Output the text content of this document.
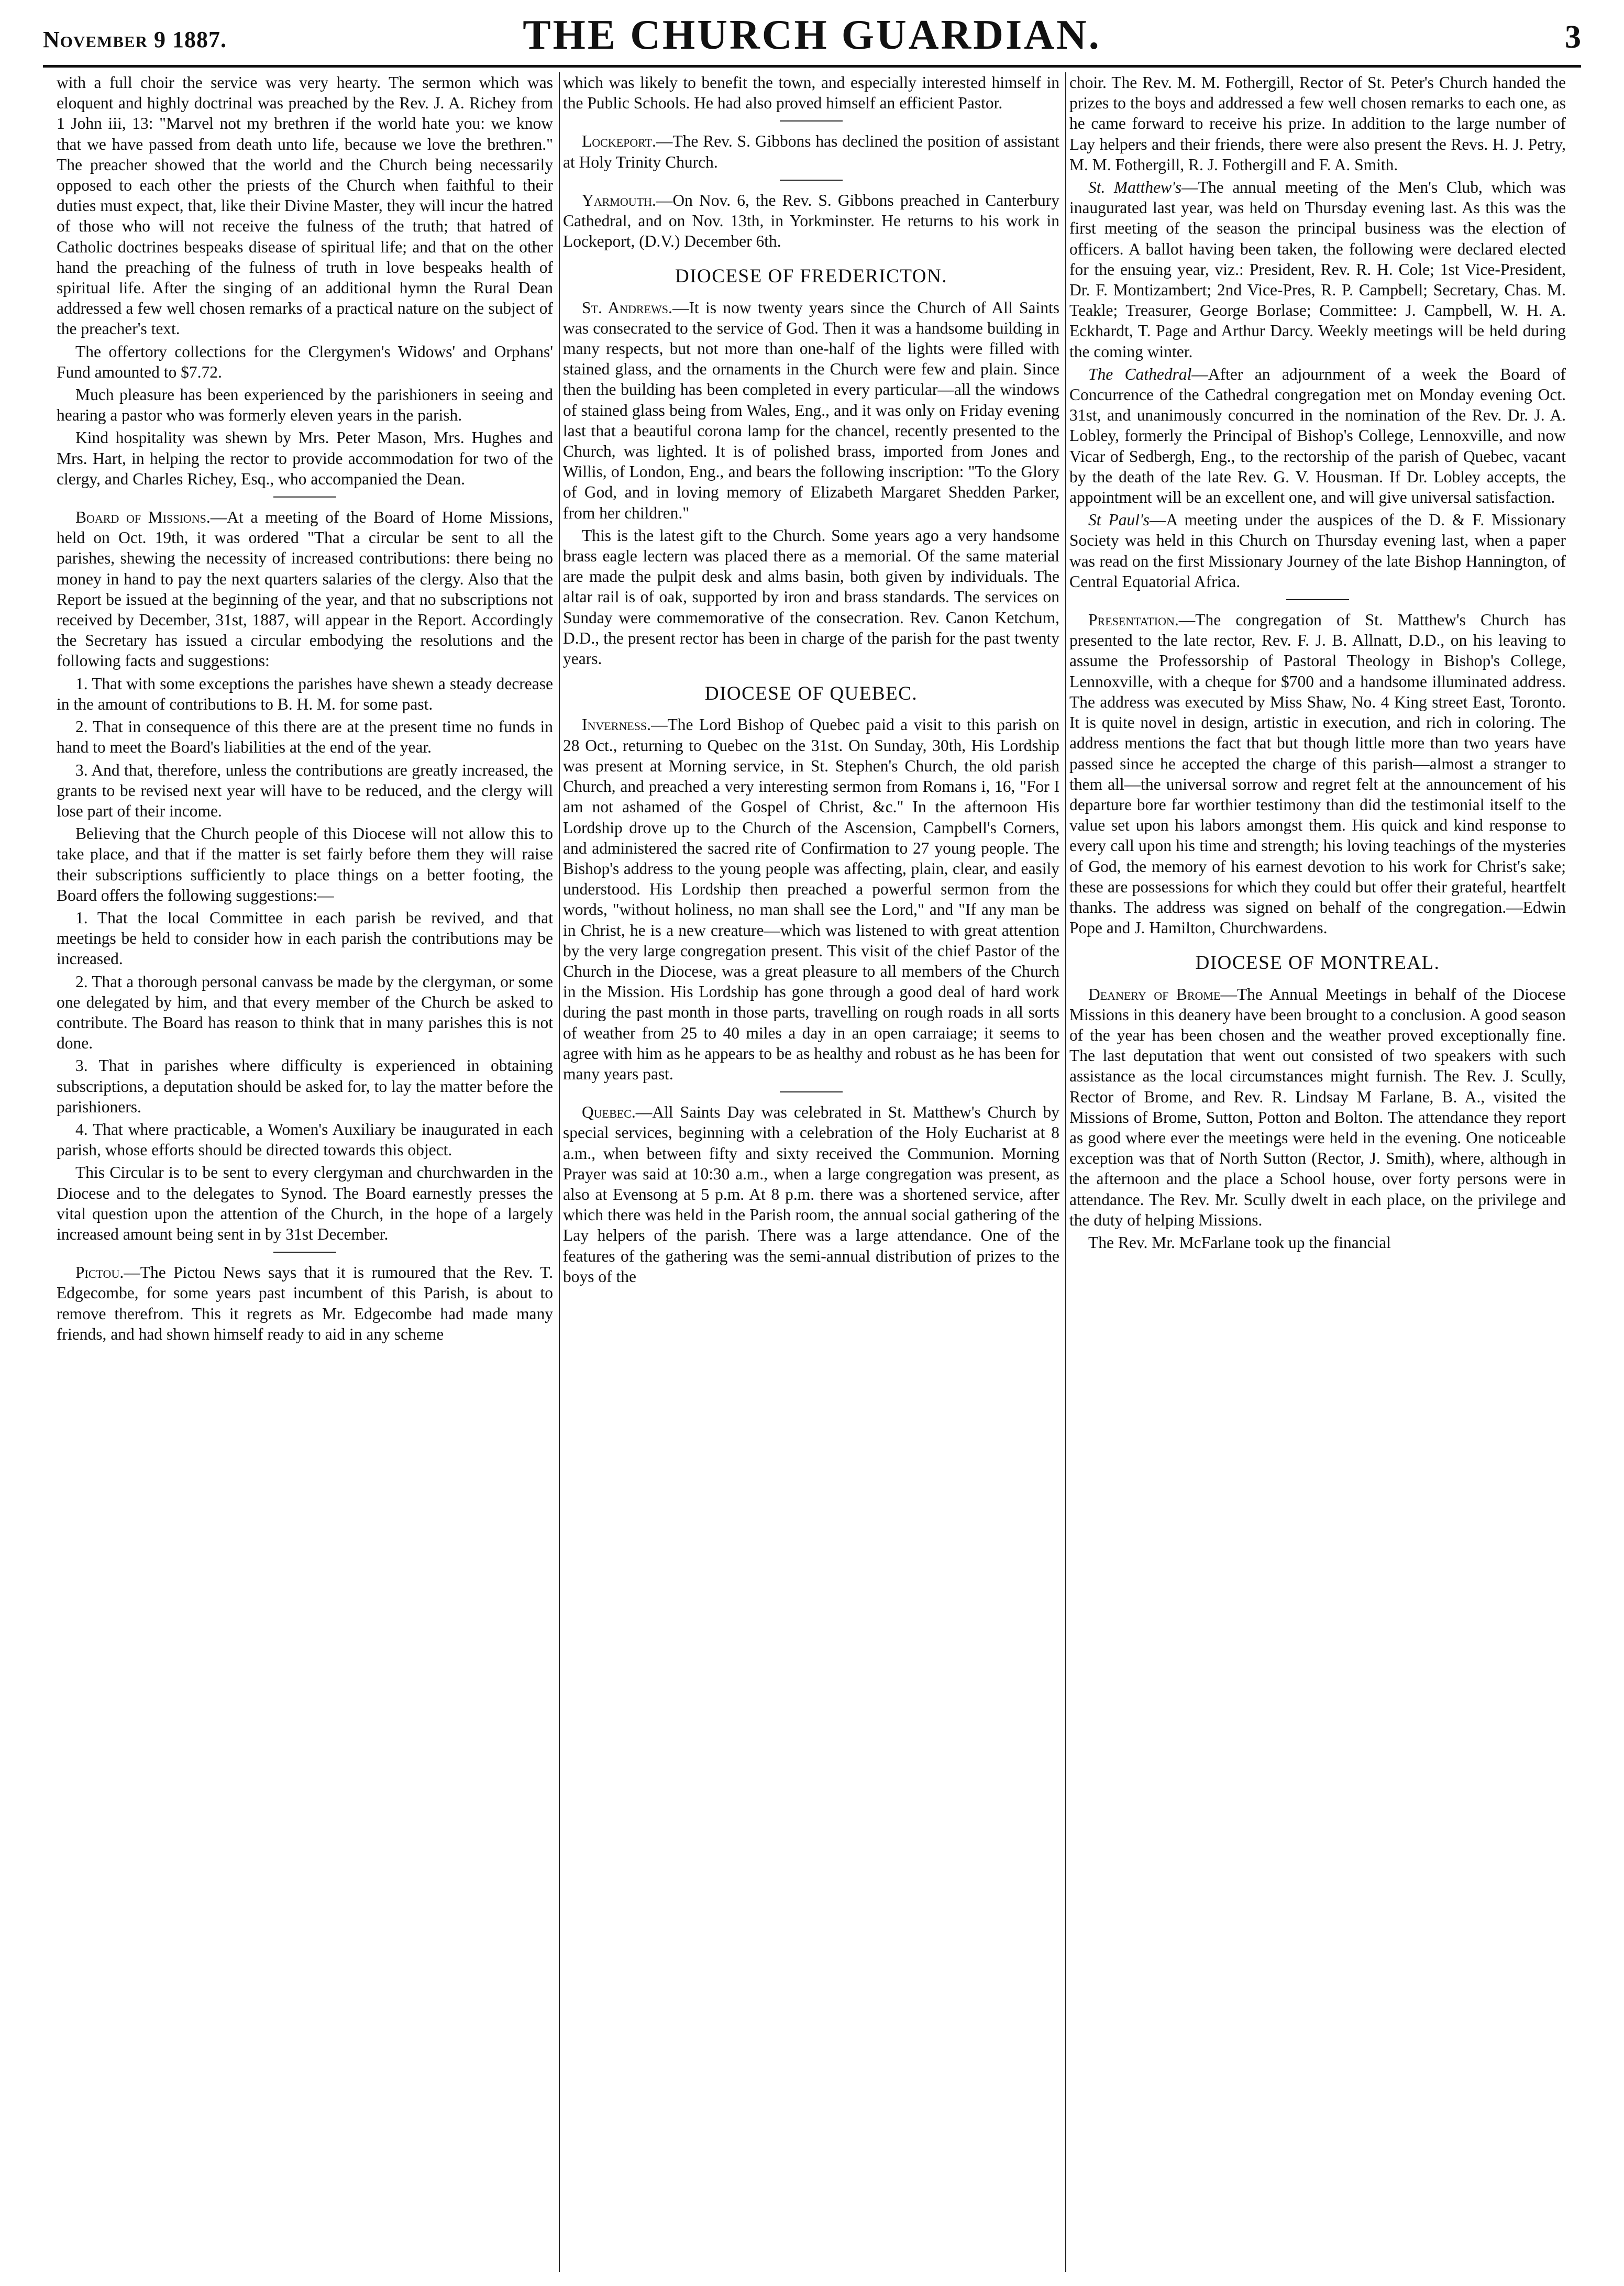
November 9 1887.	THE CHURCH GUARDIAN.	3

with a full choir the service was very hearty. The sermon which was eloquent and highly doctrinal was preached by the Rev. J. A. Richey from 1 John iii, 13: "Marvel not my brethren if the world hate you: we know that we have passed from death unto life, because we love the brethren." The preacher showed that the world and the Church being necessarily opposed to each other the priests of the Church when faithful to their duties must expect, that, like their Divine Master, they will incur the hatred of those who will not receive the fulness of the truth; that hatred of Catholic doctrines bespeaks disease of spiritual life; and that on the other hand the preaching of the fulness of truth in love bespeaks health of spiritual life. After the singing of an additional hymn the Rural Dean addressed a few well chosen remarks of a practical nature on the subject of the preacher's text.

The offertory collections for the Clergymen's Widows' and Orphans' Fund amounted to $7.72.

Much pleasure has been experienced by the parishioners in seeing and hearing a pastor who was formerly eleven years in the parish.

Kind hospitality was shewn by Mrs. Peter Mason, Mrs. Hughes and Mrs. Hart, in helping the rector to provide accommodation for two of the clergy, and Charles Richey, Esq., who accompanied the Dean.

Board of Missions.—At a meeting of the Board of Home Missions, held on Oct. 19th, it was ordered "That a circular be sent to all the parishes, shewing the necessity of increased contributions: there being no money in hand to pay the next quarters salaries of the clergy. Also that the Report be issued at the beginning of the year, and that no subscriptions not received by December, 31st, 1887, will appear in the Report. Accordingly the Secretary has issued a circular embodying the resolutions and the following facts and suggestions:

1. That with some exceptions the parishes have shewn a steady decrease in the amount of contributions to B. H. M. for some past.

2. That in consequence of this there are at the present time no funds in hand to meet the Board's liabilities at the end of the year.

3. And that, therefore, unless the contributions are greatly increased, the grants to be revised next year will have to be reduced, and the clergy will lose part of their income.

Believing that the Church people of this Diocese will not allow this to take place, and that if the matter is set fairly before them they will raise their subscriptions sufficiently to place things on a better footing, the Board offers the following suggestions:—

1. That the local Committee in each parish be revived, and that meetings be held to consider how in each parish the contributions may be increased.

2. That a thorough personal canvass be made by the clergyman, or some one delegated by him, and that every member of the Church be asked to contribute. The Board has reason to think that in many parishes this is not done.

3. That in parishes where difficulty is experienced in obtaining subscriptions, a deputation should be asked for, to lay the matter before the parishioners.

4. That where practicable, a Women's Auxiliary be inaugurated in each parish, whose efforts should be directed towards this object.

This Circular is to be sent to every clergyman and churchwarden in the Diocese and to the delegates to Synod. The Board earnestly presses the vital question upon the attention of the Church, in the hope of a largely increased amount being sent in by 31st December.

Pictou.—The Pictou News says that it is rumoured that the Rev. T. Edgecombe, for some years past incumbent of this Parish, is about to remove therefrom. This it regrets as Mr. Edgecombe had made many friends, and had shown himself ready to aid in any scheme

which was likely to benefit the town, and especially interested himself in the Public Schools. He had also proved himself an efficient Pastor.

Lockeport.—The Rev. S. Gibbons has declined the position of assistant at Holy Trinity Church.

Yarmouth.—On Nov. 6, the Rev. S. Gibbons preached in Canterbury Cathedral, and on Nov. 13th, in Yorkminster. He returns to his work in Lockeport, (D.V.) December 6th.

DIOCESE OF FREDERICTON.

St. Andrews.—It is now twenty years since the Church of All Saints was consecrated to the service of God. Then it was a handsome building in many respects, but not more than one-half of the lights were filled with stained glass, and the ornaments in the Church were few and plain. Since then the building has been completed in every particular—all the windows of stained glass being from Wales, Eng., and it was only on Friday evening last that a beautiful corona lamp for the chancel, recently presented to the Church, was lighted. It is of polished brass, imported from Jones and Willis, of London, Eng., and bears the following inscription: "To the Glory of God, and in loving memory of Elizabeth Margaret Shedden Parker, from her children."

This is the latest gift to the Church. Some years ago a very handsome brass eagle lectern was placed there as a memorial. Of the same material are made the pulpit desk and alms basin, both given by individuals. The altar rail is of oak, supported by iron and brass standards. The services on Sunday were commemorative of the consecration. Rev. Canon Ketchum, D.D., the present rector has been in charge of the parish for the past twenty years.

DIOCESE OF QUEBEC.

Inverness.—The Lord Bishop of Quebec paid a visit to this parish on 28 Oct., returning to Quebec on the 31st. On Sunday, 30th, His Lordship was present at Morning service, in St. Stephen's Church, the old parish Church, and preached a very interesting sermon from Romans i, 16, "For I am not ashamed of the Gospel of Christ, &c." In the afternoon His Lordship drove up to the Church of the Ascension, Campbell's Corners, and administered the sacred rite of Confirmation to 27 young people. The Bishop's address to the young people was affecting, plain, clear, and easily understood. His Lordship then preached a powerful sermon from the words, "without holiness, no man shall see the Lord," and "If any man be in Christ, he is a new creature—which was listened to with great attention by the very large congregation present. This visit of the chief Pastor of the Church in the Diocese, was a great pleasure to all members of the Church in the Mission. His Lordship has gone through a good deal of hard work during the past month in those parts, travelling on rough roads in all sorts of weather from 25 to 40 miles a day in an open carraiage; it seems to agree with him as he appears to be as healthy and robust as he has been for many years past.

Quebec.—All Saints Day was celebrated in St. Matthew's Church by special services, beginning with a celebration of the Holy Eucharist at 8 a.m., when between fifty and sixty received the Communion. Morning Prayer was said at 10:30 a.m., when a large congregation was present, as also at Evensong at 5 p.m. At 8 p.m. there was a shortened service, after which there was held in the Parish room, the annual social gathering of the Lay helpers of the parish. There was a large attendance. One of the features of the gathering was the semi-annual distribution of prizes to the boys of the

choir. The Rev. M. M. Fothergill, Rector of St. Peter's Church handed the prizes to the boys and addressed a few well chosen remarks to each one, as he came forward to receive his prize. In addition to the large number of Lay helpers and their friends, there were also present the Revs. H. J. Petry, M. M. Fothergill, R. J. Fothergill and F. A. Smith.

St. Matthew's—The annual meeting of the Men's Club, which was inaugurated last year, was held on Thursday evening last. As this was the first meeting of the season the principal business was the election of officers. A ballot having been taken, the following were declared elected for the ensuing year, viz.: President, Rev. R. H. Cole; 1st Vice-President, Dr. F. Montizambert; 2nd Vice-Pres, R. P. Campbell; Secretary, Chas. M. Teakle; Treasurer, George Borlase; Committee: J. Campbell, W. H. A. Eckhardt, T. Page and Arthur Darcy. Weekly meetings will be held during the coming winter.

The Cathedral—After an adjournment of a week the Board of Concurrence of the Cathedral congregation met on Monday evening Oct. 31st, and unanimously concurred in the nomination of the Rev. Dr. J. A. Lobley, formerly the Principal of Bishop's College, Lennoxville, and now Vicar of Sedbergh, Eng., to the rectorship of the parish of Quebec, vacant by the death of the late Rev. G. V. Housman. If Dr. Lobley accepts, the appointment will be an excellent one, and will give universal satisfaction.

St Paul's—A meeting under the auspices of the D. & F. Missionary Society was held in this Church on Thursday evening last, when a paper was read on the first Missionary Journey of the late Bishop Hannington, of Central Equatorial Africa.

Presentation.—The congregation of St. Matthew's Church has presented to the late rector, Rev. F. J. B. Allnatt, D.D., on his leaving to assume the Professorship of Pastoral Theology in Bishop's College, Lennoxville, with a cheque for $700 and a handsome illuminated address. The address was executed by Miss Shaw, No. 4 King street East, Toronto. It is quite novel in design, artistic in execution, and rich in coloring. The address mentions the fact that but though little more than two years have passed since he accepted the charge of this parish—almost a stranger to them all—the universal sorrow and regret felt at the announcement of his departure bore far worthier testimony than did the testimonial itself to the value set upon his labors amongst them. His quick and kind response to every call upon his time and strength; his loving teachings of the mysteries of God, the memory of his earnest devotion to his work for Christ's sake; these are possessions for which they could but offer their grateful, heartfelt thanks. The address was signed on behalf of the congregation.—Edwin Pope and J. Hamilton, Churchwardens.

DIOCESE OF MONTREAL.

Deanery of Brome—The Annual Meetings in behalf of the Diocese Missions in this deanery have been brought to a conclusion. A good season of the year has been chosen and the weather proved exceptionally fine. The last deputation that went out consisted of two speakers with such assistance as the local circumstances might furnish. The Rev. J. Scully, Rector of Brome, and Rev. R. Lindsay M Farlane, B. A., visited the Missions of Brome, Sutton, Potton and Bolton. The attendance they report as good where ever the meetings were held in the evening. One noticeable exception was that of North Sutton (Rector, J. Smith), where, although in the afternoon and the place a School house, over forty persons were in attendance. The Rev. Mr. Scully dwelt in each place, on the privilege and the duty of helping Missions.

The Rev. Mr. McFarlane took up the financial
